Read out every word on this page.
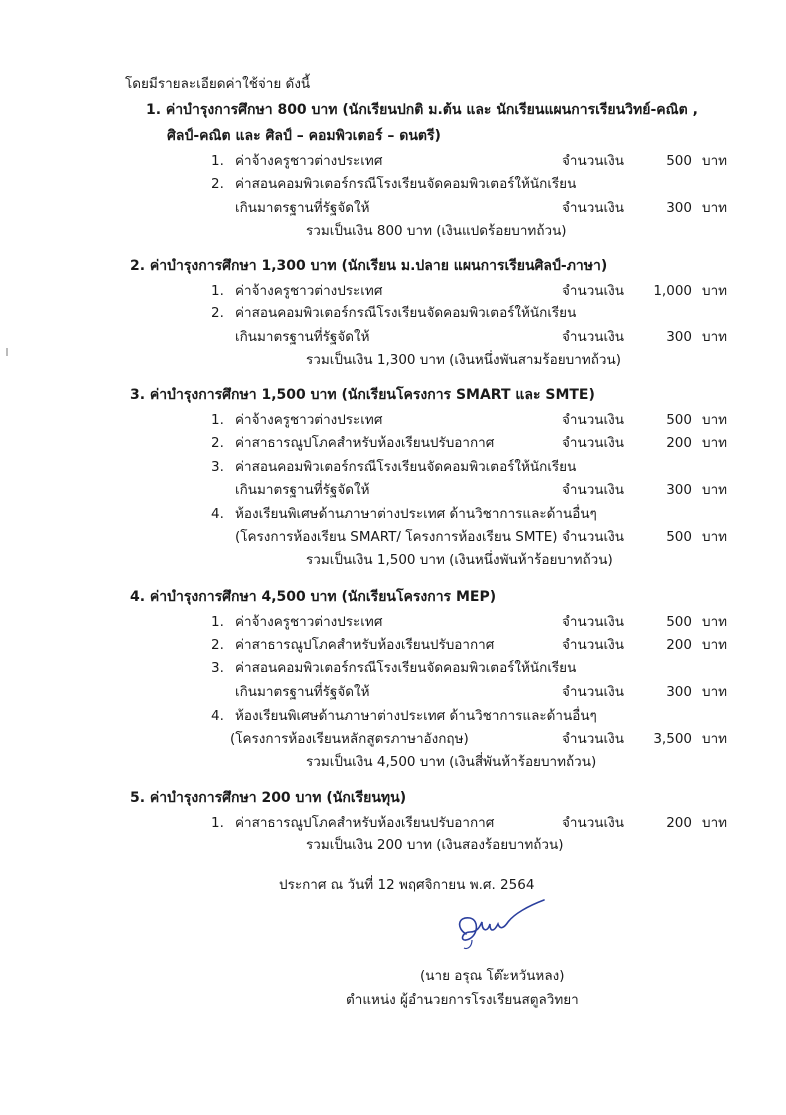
โดยมีรายละเอียดค่าใช้จ่าย ดังนี้
1. ค่าบำรุงการศึกษา 800 บาท (นักเรียนปกติ ม.ต้น และ นักเรียนแผนการเรียนวิทย์-คณิต ,
ศิลป์-คณิต และ ศิลป์ – คอมพิวเตอร์ – ดนตรี)
1. ค่าจ้างครูชาวต่างประเทศ	จำนวนเงิน	500 บาท
2. ค่าสอนคอมพิวเตอร์กรณีโรงเรียนจัดคอมพิวเตอร์ให้นักเรียน
เกินมาตรฐานที่รัฐจัดให้	จำนวนเงิน	300 บาท
รวมเป็นเงิน 800 บาท (เงินแปดร้อยบาทถ้วน)
2. ค่าบำรุงการศึกษา 1,300 บาท (นักเรียน ม.ปลาย แผนการเรียนศิลป์-ภาษา)
1. ค่าจ้างครูชาวต่างประเทศ	จำนวนเงิน	1,000 บาท
2. ค่าสอนคอมพิวเตอร์กรณีโรงเรียนจัดคอมพิวเตอร์ให้นักเรียน
เกินมาตรฐานที่รัฐจัดให้	จำนวนเงิน	300 บาท
รวมเป็นเงิน 1,300 บาท (เงินหนึ่งพันสามร้อยบาทถ้วน)
3. ค่าบำรุงการศึกษา 1,500 บาท (นักเรียนโครงการ SMART และ SMTE)
1. ค่าจ้างครูชาวต่างประเทศ	จำนวนเงิน	500 บาท
2. ค่าสาธารณูปโภคสำหรับห้องเรียนปรับอากาศ	จำนวนเงิน	200 บาท
3. ค่าสอนคอมพิวเตอร์กรณีโรงเรียนจัดคอมพิวเตอร์ให้นักเรียน
เกินมาตรฐานที่รัฐจัดให้	จำนวนเงิน	300 บาท
4. ห้องเรียนพิเศษด้านภาษาต่างประเทศ ด้านวิชาการและด้านอื่นๆ
(โครงการห้องเรียน SMART/ โครงการห้องเรียน SMTE) จำนวนเงิน	500 บาท
รวมเป็นเงิน 1,500 บาท (เงินหนึ่งพันห้าร้อยบาทถ้วน)
4. ค่าบำรุงการศึกษา 4,500 บาท (นักเรียนโครงการ MEP)
1. ค่าจ้างครูชาวต่างประเทศ	จำนวนเงิน	500 บาท
2. ค่าสาธารณูปโภคสำหรับห้องเรียนปรับอากาศ	จำนวนเงิน	200 บาท
3. ค่าสอนคอมพิวเตอร์กรณีโรงเรียนจัดคอมพิวเตอร์ให้นักเรียน
เกินมาตรฐานที่รัฐจัดให้	จำนวนเงิน	300 บาท
4. ห้องเรียนพิเศษด้านภาษาต่างประเทศ ด้านวิชาการและด้านอื่นๆ
(โครงการห้องเรียนหลักสูตรภาษาอังกฤษ)	จำนวนเงิน	3,500 บาท
รวมเป็นเงิน 4,500 บาท (เงินสี่พันห้าร้อยบาทถ้วน)
5. ค่าบำรุงการศึกษา 200 บาท (นักเรียนทุน)
1. ค่าสาธารณูปโภคสำหรับห้องเรียนปรับอากาศ	จำนวนเงิน	200 บาท
รวมเป็นเงิน 200 บาท (เงินสองร้อยบาทถ้วน)
ประกาศ ณ วันที่ 12 พฤศจิกายน พ.ศ. 2564
(นาย อรุณ โต๊ะหวันหลง)
ตำแหน่ง ผู้อำนวยการโรงเรียนสตูลวิทยา
